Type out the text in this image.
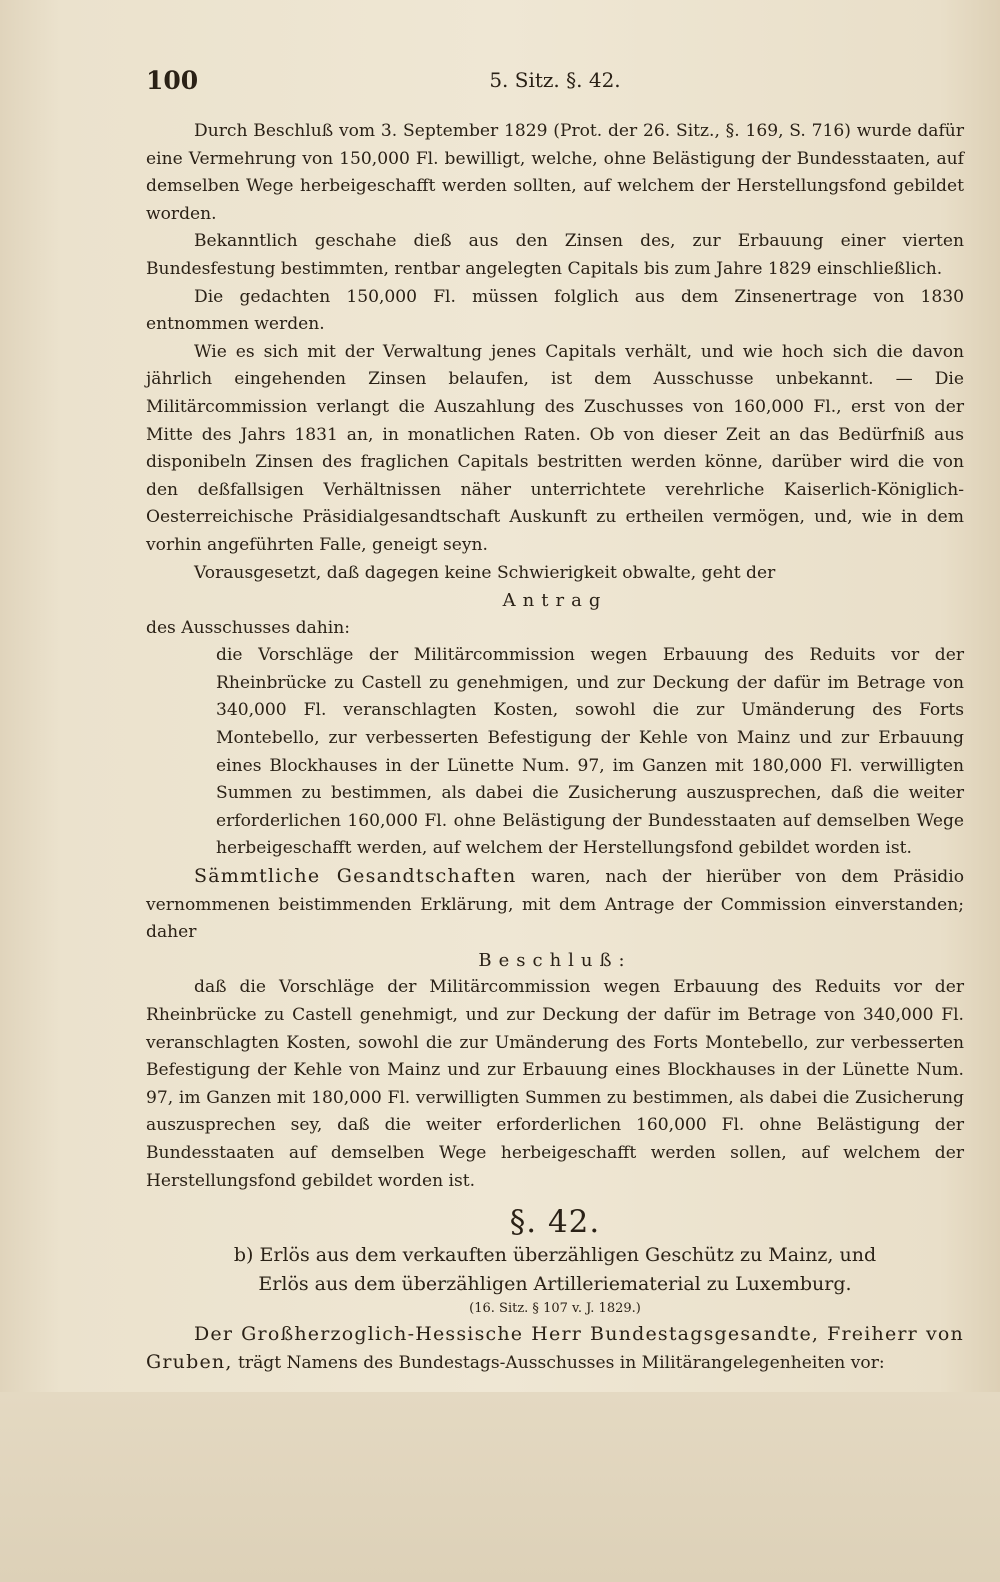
100	5. Sitz. §. 42.

Durch Beschluß vom 3. September 1829 (Prot. der 26. Sitz., §. 169, S. 716) wurde dafür eine Vermehrung von 150,000 Fl. bewilligt, welche, ohne Belästigung der Bundesstaaten, auf demselben Wege herbeigeschafft werden sollten, auf welchem der Herstellungsfond gebildet worden.

Bekanntlich geschahe dieß aus den Zinsen des, zur Erbauung einer vierten Bundesfestung bestimmten, rentbar angelegten Capitals bis zum Jahre 1829 einschließlich.

Die gedachten 150,000 Fl. müssen folglich aus dem Zinsenertrage von 1830 entnommen werden.

Wie es sich mit der Verwaltung jenes Capitals verhält, und wie hoch sich die davon jährlich eingehenden Zinsen belaufen, ist dem Ausschusse unbekannt. — Die Militärcommission verlangt die Auszahlung des Zuschusses von 160,000 Fl., erst von der Mitte des Jahrs 1831 an, in monatlichen Raten. Ob von dieser Zeit an das Bedürfniß aus disponibeln Zinsen des fraglichen Capitals bestritten werden könne, darüber wird die von den deßfallsigen Verhältnissen näher unterrichtete verehrliche Kaiserlich-Königlich-Oesterreichische Präsidialgesandtschaft Auskunft zu ertheilen vermögen, und, wie in dem vorhin angeführten Falle, geneigt seyn.

Vorausgesetzt, daß dagegen keine Schwierigkeit obwalte, geht der

Antrag

des Ausschusses dahin:

die Vorschläge der Militärcommission wegen Erbauung des Reduits vor der Rheinbrücke zu Castell zu genehmigen, und zur Deckung der dafür im Betrage von 340,000 Fl. veranschlagten Kosten, sowohl die zur Umänderung des Forts Montebello, zur verbesserten Befestigung der Kehle von Mainz und zur Erbauung eines Blockhauses in der Lünette Num. 97, im Ganzen mit 180,000 Fl. verwilligten Summen zu bestimmen, als dabei die Zusicherung auszusprechen, daß die weiter erforderlichen 160,000 Fl. ohne Belästigung der Bundesstaaten auf demselben Wege herbeigeschafft werden, auf welchem der Herstellungsfond gebildet worden ist.

Sämmtliche Gesandtschaften waren, nach der hierüber von dem Präsidio vernommenen beistimmenden Erklärung, mit dem Antrage der Commission einverstanden; daher

Beschluß:

daß die Vorschläge der Militärcommission wegen Erbauung des Reduits vor der Rheinbrücke zu Castell genehmigt, und zur Deckung der dafür im Betrage von 340,000 Fl. veranschlagten Kosten, sowohl die zur Umänderung des Forts Montebello, zur verbesserten Befestigung der Kehle von Mainz und zur Erbauung eines Blockhauses in der Lünette Num. 97, im Ganzen mit 180,000 Fl. verwilligten Summen zu bestimmen, als dabei die Zusicherung auszusprechen sey, daß die weiter erforderlichen 160,000 Fl. ohne Belästigung der Bundesstaaten auf demselben Wege herbeigeschafft werden sollen, auf welchem der Herstellungsfond gebildet worden ist.

§. 42.
b) Erlös aus dem verkauften überzähligen Geschütz zu Mainz, und
Erlös aus dem überzähligen Artilleriematerial zu Luxemburg.
(16. Sitz. § 107 v. J. 1829.)

Der Großherzoglich-Hessische Herr Bundestagsgesandte, Freiherr von Gruben, trägt Namens des Bundestags-Ausschusses in Militärangelegenheiten vor:
